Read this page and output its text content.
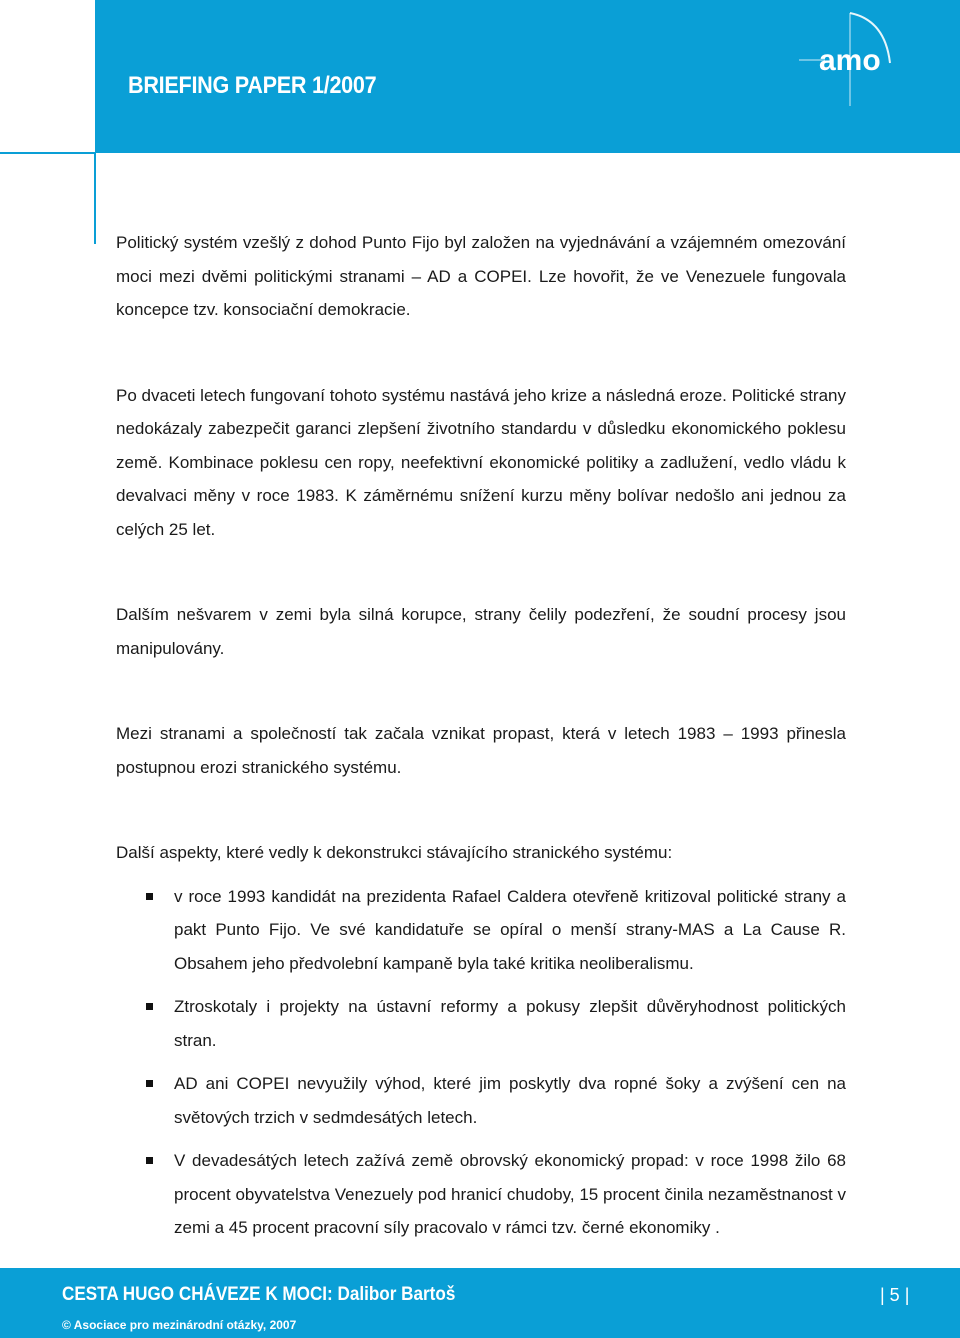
BRIEFING PAPER 1/2007
amo

Politický systém vzešlý z dohod Punto Fijo byl založen na vyjednávání a vzájemném omezování moci mezi dvěmi politickými stranami – AD a COPEI. Lze hovořit, že ve Venezuele fungovala koncepce tzv. konsociační demokracie.

Po dvaceti letech fungovaní tohoto systému nastává jeho krize a následná eroze. Politické strany nedokázaly zabezpečit garanci zlepšení životního standardu v důsledku ekonomického poklesu země. Kombinace poklesu cen ropy, neefektivní ekonomické politiky a zadlužení, vedlo vládu k devalvaci měny v roce 1983. K záměrnému snížení kurzu měny bolívar nedošlo ani jednou za celých 25 let.

Dalším nešvarem v zemi byla silná korupce, strany čelily podezření, že soudní procesy jsou manipulovány.

Mezi stranami a společností tak začala vznikat propast, která v letech 1983 – 1993 přinesla postupnou erozi stranického systému.

Další aspekty, které vedly k dekonstrukci stávajícího stranického systému:

v roce 1993 kandidát na prezidenta Rafael Caldera otevřeně kritizoval politické strany a pakt Punto Fijo. Ve své kandidatuře se opíral o menší strany-MAS a La Cause R. Obsahem jeho předvolební kampaně byla také kritika neoliberalismu.
Ztroskotaly i projekty na ústavní reformy a pokusy zlepšit důvěryhodnost politických stran.
AD ani COPEI nevyužily výhod, které jim poskytly dva ropné šoky a zvýšení cen na světových trzich v sedmdesátých letech.
V devadesátých letech zažívá země obrovský ekonomický propad: v roce 1998 žilo 68 procent obyvatelstva Venezuely pod hranicí chudoby, 15 procent činila nezaměstnanost v zemi a 45 procent pracovní síly pracovalo v rámci tzv. černé ekonomiky .
CESTA HUGO CHÁVEZE K MOCI: Dalibor Bartoš
© Asociace pro mezinárodní otázky, 2007
| 5 |
